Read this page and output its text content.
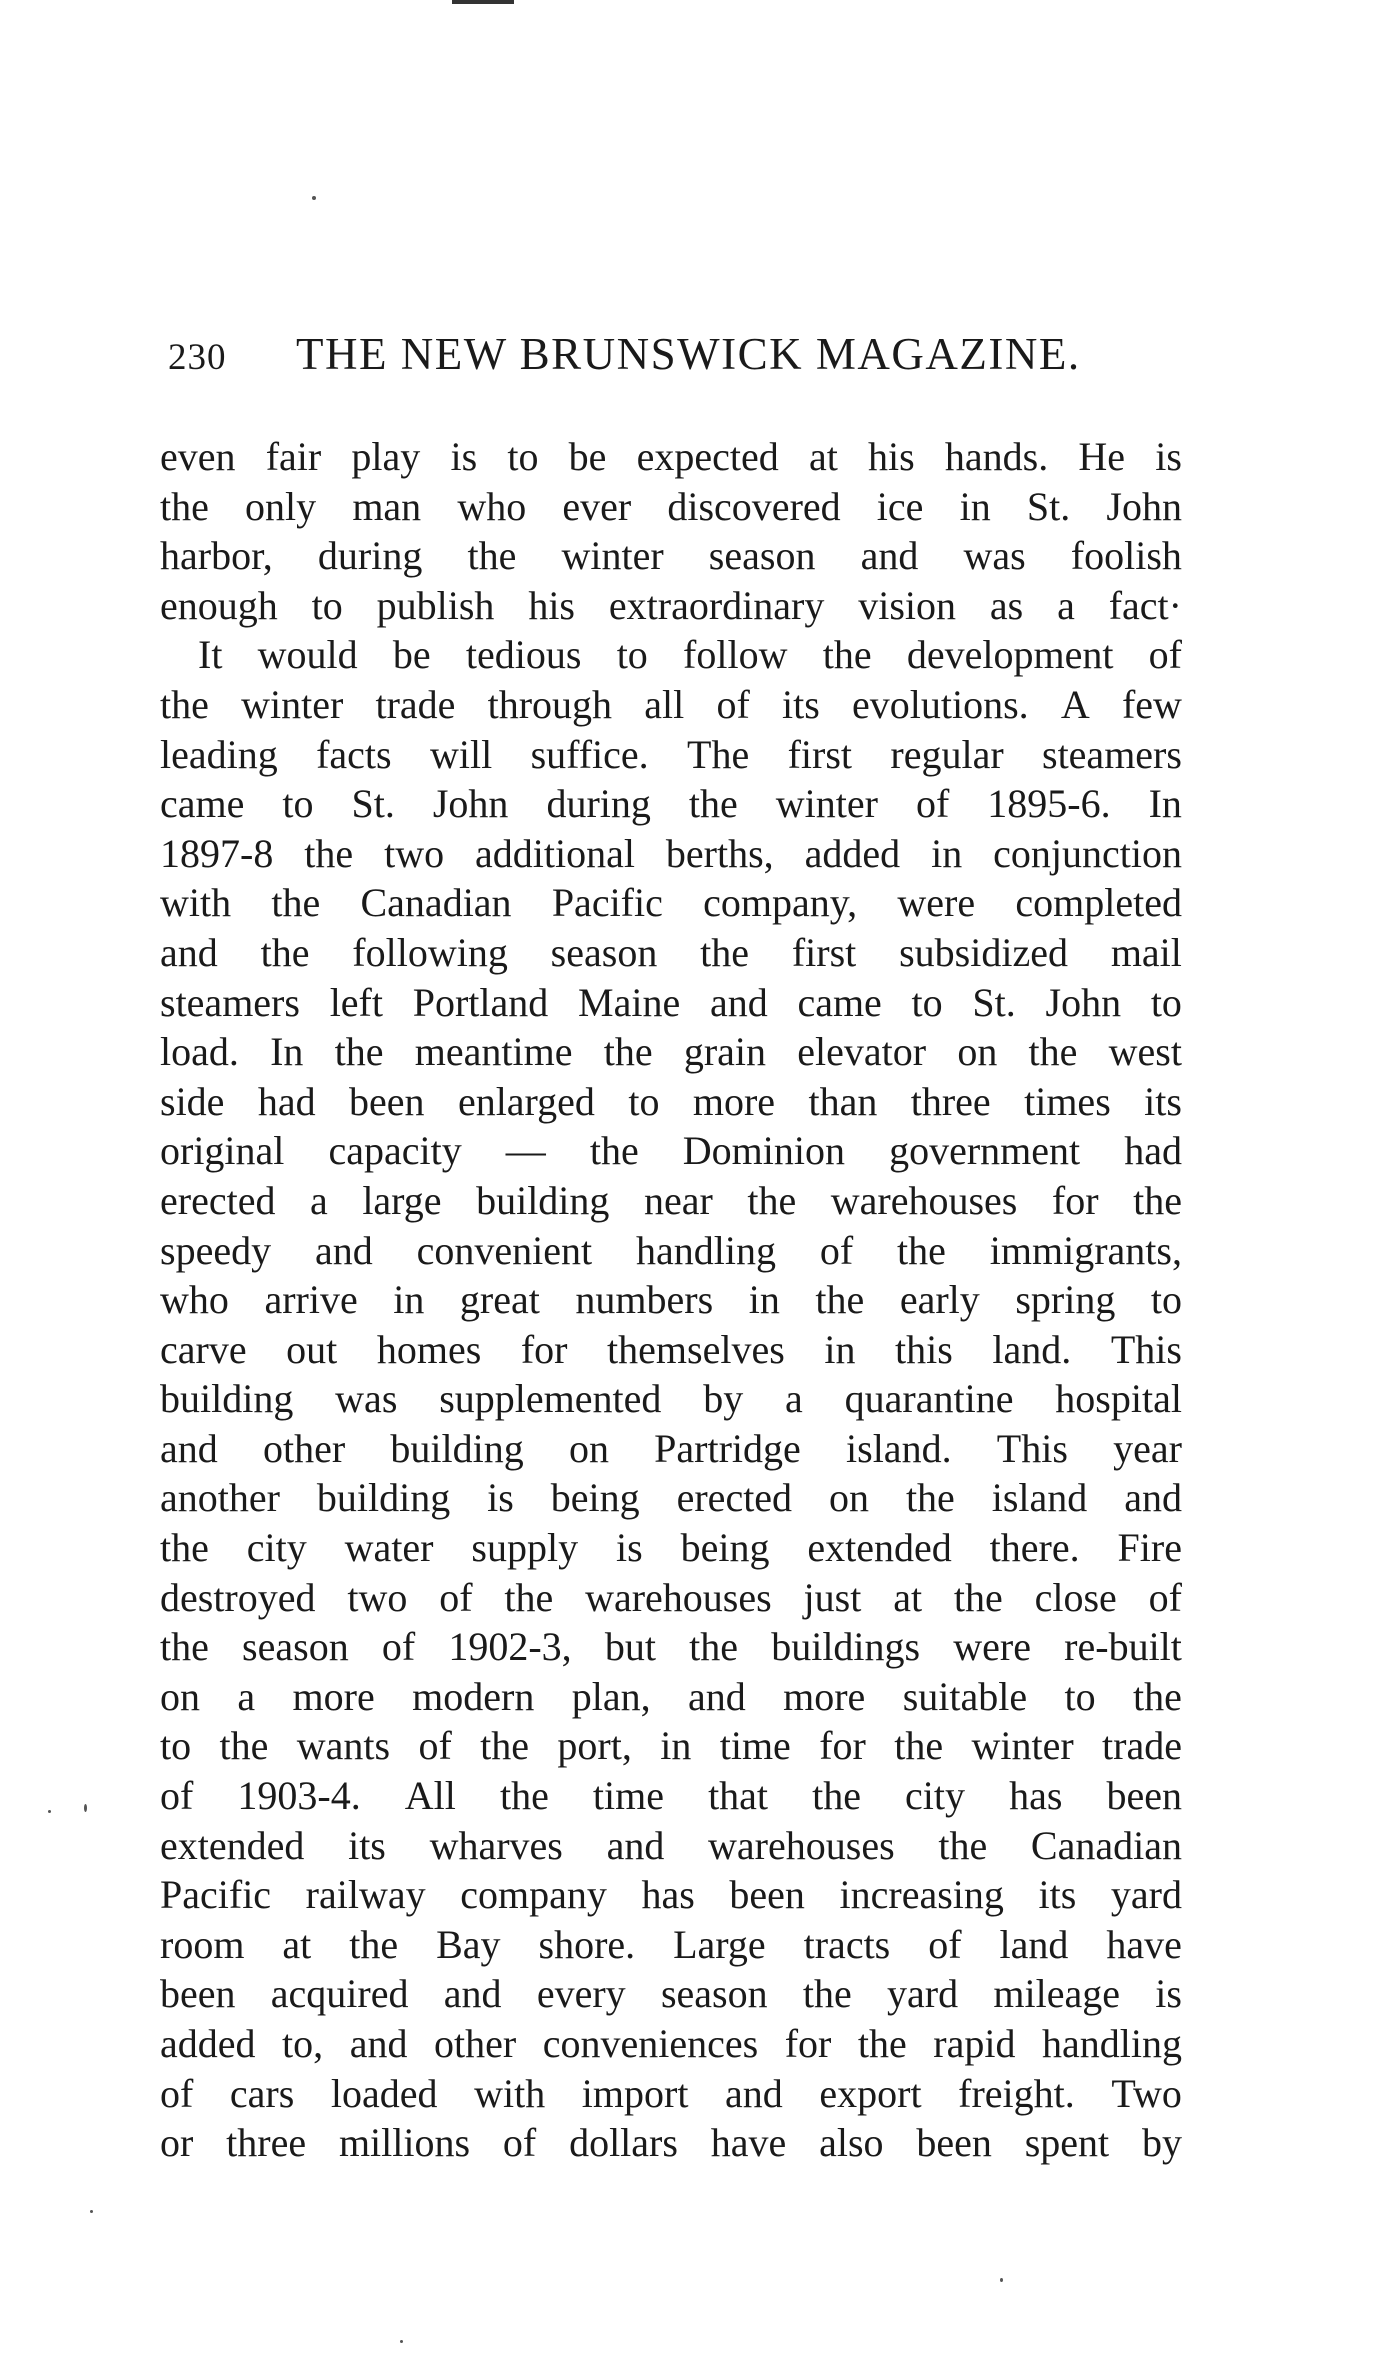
230 THE NEW BRUNSWICK MAGAZINE.
even fair play is to be expected at his hands. He is
the only man who ever discovered ice in St. John
harbor, during the winter season and was foolish
enough to publish his extraordinary vision as a fact·
It would be tedious to follow the development of
the winter trade through all of its evolutions. A few
leading facts will suffice. The first regular steamers
came to St. John during the winter of 1895-6. In
1897-8 the two additional berths, added in conjunction
with the Canadian Pacific company, were completed
and the following season the first subsidized mail
steamers left Portland Maine and came to St. John to
load. In the meantime the grain elevator on the west
side had been enlarged to more than three times its
original capacity — the Dominion government had
erected a large building near the warehouses for the
speedy and convenient handling of the immigrants,
who arrive in great numbers in the early spring to
carve out homes for themselves in this land. This
building was supplemented by a quarantine hospital
and other building on Partridge island. This year
another building is being erected on the island and
the city water supply is being extended there. Fire
destroyed two of the warehouses just at the close of
the season of 1902-3, but the buildings were re-built
on a more modern plan, and more suitable to the
to the wants of the port, in time for the winter trade
of 1903-4. All the time that the city has been
extended its wharves and warehouses the Canadian
Pacific railway company has been increasing its yard
room at the Bay shore. Large tracts of land have
been acquired and every season the yard mileage is
added to, and other conveniences for the rapid handling
of cars loaded with import and export freight. Two
or three millions of dollars have also been spent by
